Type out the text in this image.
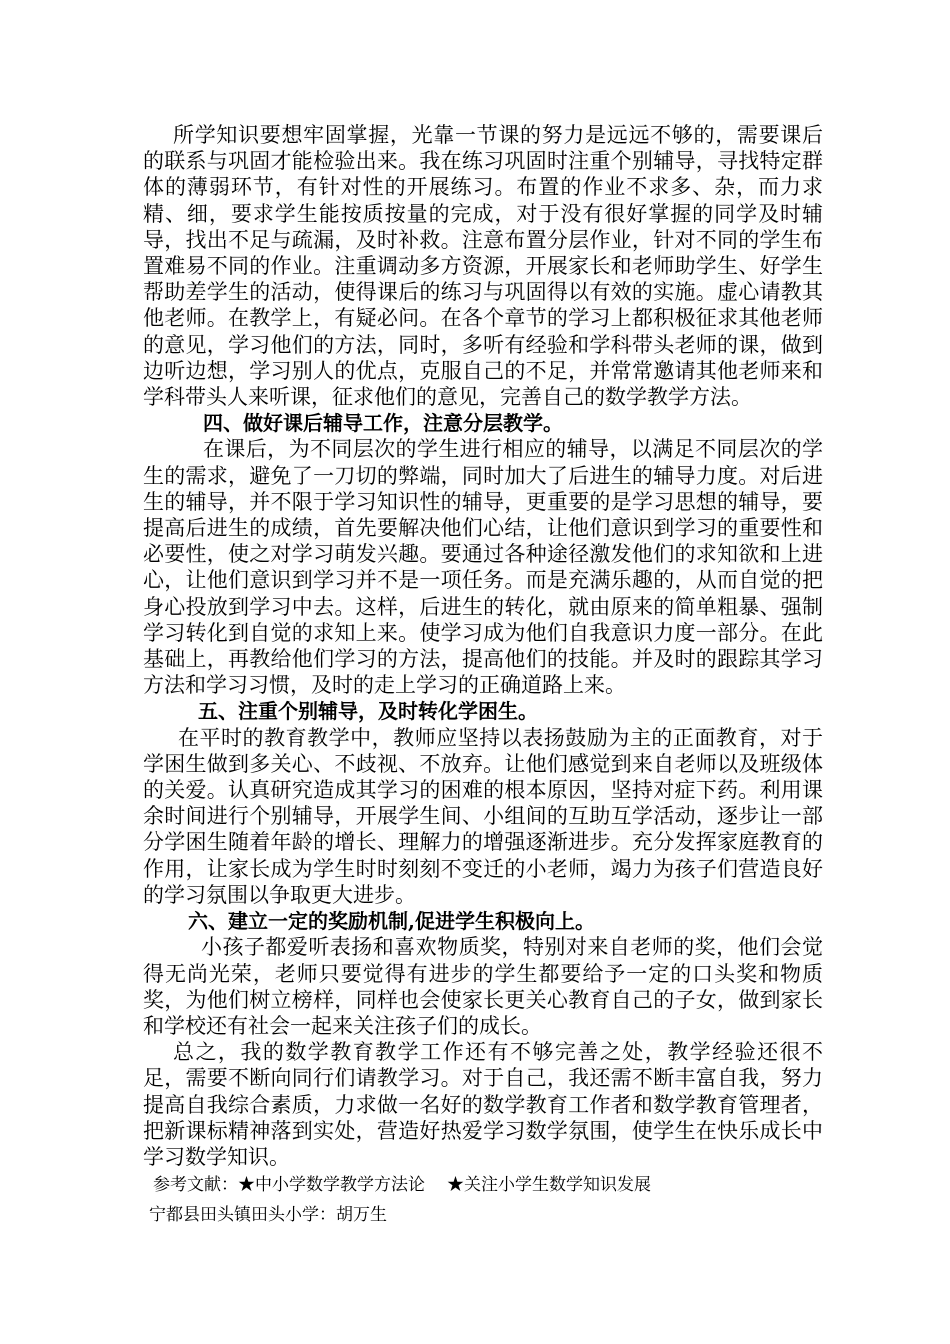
所学知识要想牢固掌握，光靠一节课的努力是远远不够的，需要课后的联系与巩固才能检验出来。我在练习巩固时注重个别辅导，寻找特定群体的薄弱环节，有针对性的开展练习。布置的作业不求多、杂，而力求精、细，要求学生能按质按量的完成，对于没有很好掌握的同学及时辅导，找出不足与疏漏，及时补救。注意布置分层作业，针对不同的学生布置难易不同的作业。注重调动多方资源，开展家长和老师助学生、好学生帮助差学生的活动，使得课后的练习与巩固得以有效的实施。虚心请教其他老师。在教学上，有疑必问。在各个章节的学习上都积极征求其他老师的意见，学习他们的方法，同时，多听有经验和学科带头老师的课，做到边听边想，学习别人的优点，克服自己的不足，并常常邀请其他老师来和学科带头人来听课，征求他们的意见，完善自己的数学教学方法。

四、做好课后辅导工作，注意分层教学。

在课后，为不同层次的学生进行相应的辅导，以满足不同层次的学生的需求，避免了一刀切的弊端，同时加大了后进生的辅导力度。对后进生的辅导，并不限于学习知识性的辅导，更重要的是学习思想的辅导，要提高后进生的成绩，首先要解决他们心结，让他们意识到学习的重要性和必要性，使之对学习萌发兴趣。要通过各种途径激发他们的求知欲和上进心，让他们意识到学习并不是一项任务。而是充满乐趣的，从而自觉的把身心投放到学习中去。这样，后进生的转化，就由原来的简单粗暴、强制学习转化到自觉的求知上来。使学习成为他们自我意识力度一部分。在此基础上，再教给他们学习的方法，提高他们的技能。并及时的跟踪其学习方法和学习习惯，及时的走上学习的正确道路上来。

五、注重个别辅导，及时转化学困生。

在平时的教育教学中，教师应坚持以表扬鼓励为主的正面教育，对于学困生做到多关心、不歧视、不放弃。让他们感觉到来自老师以及班级体的关爱。认真研究造成其学习的困难的根本原因，坚持对症下药。利用课余时间进行个别辅导，开展学生间、小组间的互助互学活动，逐步让一部分学困生随着年龄的增长、理解力的增强逐渐进步。充分发挥家庭教育的作用，让家长成为学生时时刻刻不变迁的小老师，竭力为孩子们营造良好的学习氛围以争取更大进步。

六、建立一定的奖励机制,促进学生积极向上。

小孩子都爱听表扬和喜欢物质奖，特别对来自老师的奖，他们会觉得无尚光荣，老师只要觉得有进步的学生都要给予一定的口头奖和物质奖，为他们树立榜样，同样也会使家长更关心教育自己的子女，做到家长和学校还有社会一起来关注孩子们的成长。

总之，我的数学教育教学工作还有不够完善之处，教学经验还很不足，需要不断向同行们请教学习。对于自己，我还需不断丰富自我，努力提高自我综合素质，力求做一名好的数学教育工作者和数学教育管理者，把新课标精神落到实处，营造好热爱学习数学氛围，使学生在快乐成长中学习数学知识。

参考文献：★中小学数学教学方法论 ★关注小学生数学知识发展

宁都县田头镇田头小学：胡万生
